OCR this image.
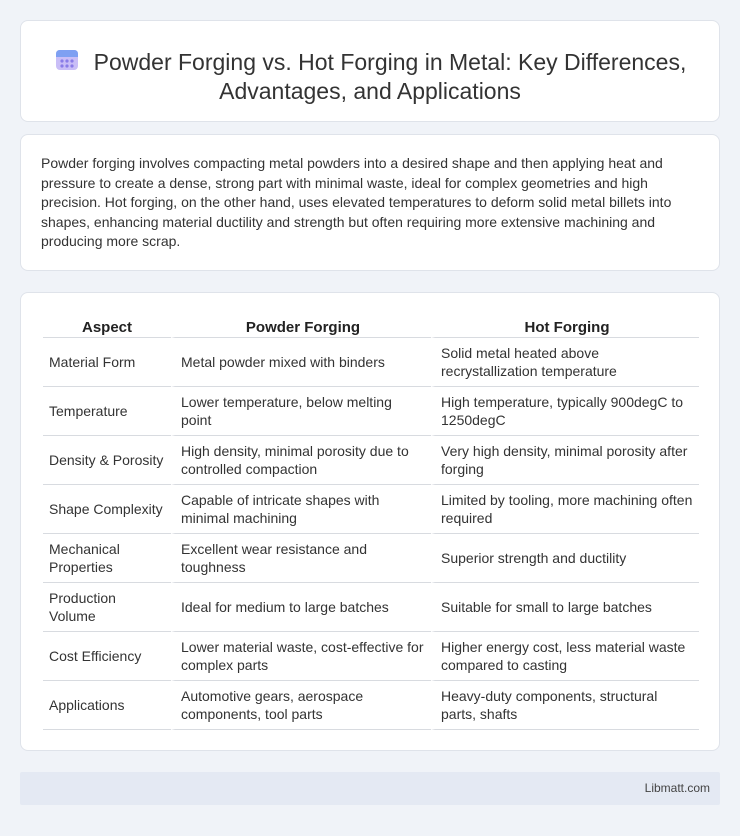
Powder Forging vs. Hot Forging in Metal: Key Differences, Advantages, and Applications

Powder forging involves compacting metal powders into a desired shape and then applying heat and pressure to create a dense, strong part with minimal waste, ideal for complex geometries and high precision. Hot forging, on the other hand, uses elevated temperatures to deform solid metal billets into shapes, enhancing material ductility and strength but often requiring more extensive machining and producing more scrap.

Aspect	Powder Forging	Hot Forging
Material Form	Metal powder mixed with binders	Solid metal heated above recrystallization temperature
Temperature	Lower temperature, below melting point	High temperature, typically 900degC to 1250degC
Density & Porosity	High density, minimal porosity due to controlled compaction	Very high density, minimal porosity after forging
Shape Complexity	Capable of intricate shapes with minimal machining	Limited by tooling, more machining often required
Mechanical Properties	Excellent wear resistance and toughness	Superior strength and ductility
Production Volume	Ideal for medium to large batches	Suitable for small to large batches
Cost Efficiency	Lower material waste, cost-effective for complex parts	Higher energy cost, less material waste compared to casting
Applications	Automotive gears, aerospace components, tool parts	Heavy-duty components, structural parts, shafts
Libmatt.com
